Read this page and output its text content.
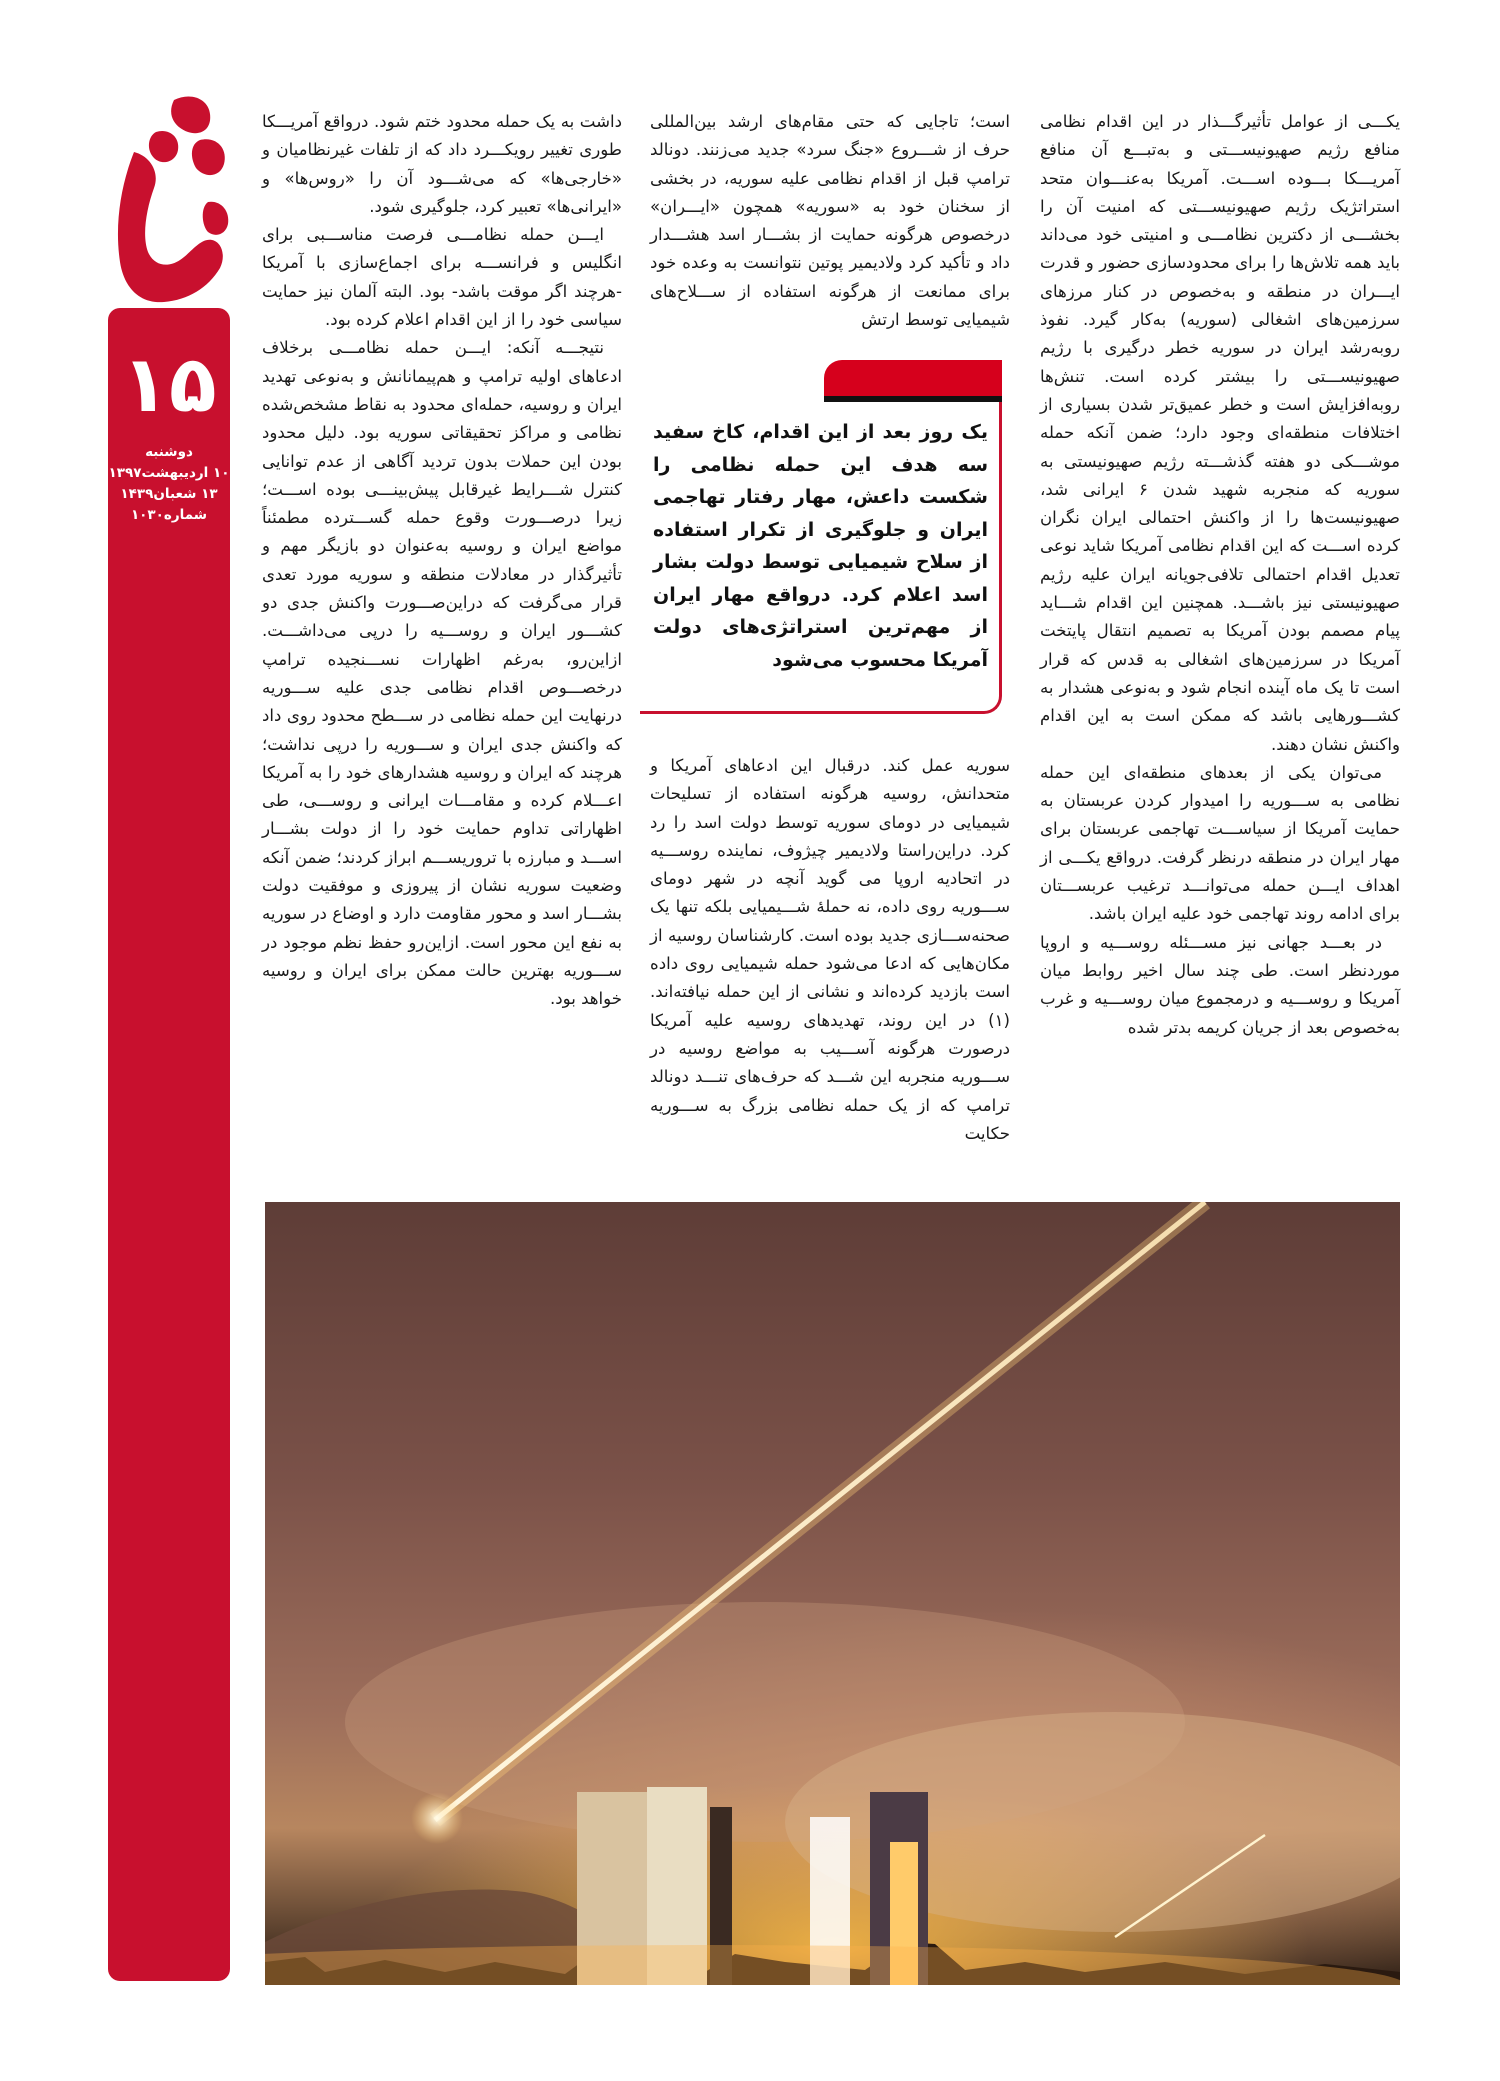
۱۵
دوشنبه
۱۰ اردیبهشت۱۳۹۷
۱۳ شعبان۱۴۳۹
شماره۱۰۳۰

یکـــی از عوامل تأثیرگـــذار در این اقدام نظامی منافع رژیم صهیونیســـتی و به‌تبـــع آن منافع آمریـــکا بـــوده اســـت. آمریکا به‌عنـــوان متحد استراتژیک رژیم صهیونیســـتی که امنیت آن را بخشـــی از دکترین نظامـــی و امنیتی خود می‌داند باید همه تلاش‌ها را برای محدودسازی حضور و قدرت ایـــران در منطقه و به‌خصوص در کنار مرزهای سرزمین‌های اشغالی (سوریه) به‌کار گیرد. نفوذ روبه‌رشد ایران در سوریه خطر درگیری با رژیم صهیونیســـتی را بیشتر کرده است. تنش‌ها روبه‌افزایش است و خطر عمیق‌تر شدن بسیاری از اختلافات منطقه‌ای وجود دارد؛ ضمن آنکه حمله موشـــکی دو هفته گذشـــته رژیم صهیونیستی به سوریه که منجربه شهید شدن ۶ ایرانی شد، صهیونیست‌ها را از واکنش احتمالی ایران نگران کرده اســـت که این اقدام نظامی آمریکا شاید نوعی تعدیل اقدام احتمالی تلافی‌جویانه ایران علیه رژیم صهیونیستی نیز باشـــد. همچنین این اقدام شـــاید پیام مصمم بودن آمریکا به تصمیم انتقال پایتخت آمریکا در سرزمین‌های اشغالی به قدس که قرار است تا یک ماه آینده انجام شود و به‌نوعی هشدار به کشـــورهایی باشد که ممکن است به این اقدام واکنش نشان دهند.

می‌توان یکی از بعدهای منطقه‌ای این حمله نظامی به ســـوریه را امیدوار کردن عربستان به حمایت آمریکا از سیاســـت تهاجمی عربستان برای مهار ایران در منطقه درنظر گرفت. درواقع یکـــی از اهداف ایـــن حمله می‌توانـــد ترغیب عربســـتان برای ادامه روند تهاجمی خود علیه ایران باشد.

در بعـــد جهانی نیز مســـئله روســـیه و اروپا موردنظر است. طی چند سال اخیر روابط میان آمریکا و روســـیه و درمجموع میان روســـیه و غرب به‌خصوص بعد از جریان کریمه بدتر شده

است؛ تاجایی که حتی مقام‌های ارشد بین‌المللی حرف از شـــروع «جنگ سرد» جدید می‌زنند. دونالد ترامپ قبل از اقدام نظامی علیه سوریه، در بخشی از سخنان خود به «سوریه» همچون «ایـــران» درخصوص هرگونه حمایت از بشـــار اسد هشـــدار داد و تأکید کرد ولادیمیر پوتین نتوانست به وعده خود برای ممانعت از هرگونه استفاده از ســـلاح‌های شیمیایی توسط ارتش

یک روز بعد از این اقدام، کاخ سفید سه هدف این حمله نظامی را شکست داعش، مهار رفتار تهاجمی ایران و جلوگیری از تکرار استفاده از سلاح شیمیایی توسط دولت بشار اسد اعلام کرد. درواقع مهار ایران از مهم‌ترین استراتژی‌های دولت آمریکا محسوب می‌شود

سوریه عمل کند. درقبال این ادعاهای آمریکا و متحدانش، روسیه هرگونه استفاده از تسلیحات شیمیایی در دومای سوریه توسط دولت اسد را رد کرد. دراین‌راستا ولادیمیر چیژوف، نماینده روســـیه در اتحادیه اروپا می گوید آنچه در شهر دومای ســـوریه روی داده، نه حملهٔ شـــیمیایی بلکه تنها یک صحنه‌ســـازی جدید بوده است. کارشناسان روسیه از مکان‌هایی که ادعا می‌شود حمله شیمیایی روی داده است بازدید کرده‌اند و نشانی از این حمله نیافته‌اند.(۱) در این روند، تهدیدهای روسیه علیه آمریکا درصورت هرگونه آســـیب به مواضع روسیه در ســـوریه منجربه این شـــد که حرف‌های تنـــد دونالد ترامپ که از یک حمله نظامی بزرگ به ســـوریه حکایت

داشت به یک حمله محدود ختم شود. درواقع آمریـــکا طوری تغییر رویکـــرد داد که از تلفات غیرنظامیان و «خارجی‌ها» که می‌شـــود آن را «روس‌ها» و «ایرانی‌ها» تعبیر کرد، جلوگیری شود.

ایـــن حمله نظامـــی فرصت مناســـبی برای انگلیس و فرانســـه برای اجماع‌سازی با آمریکا -هرچند اگر موقت باشد- بود. البته آلمان نیز حمایت سیاسی خود را از این اقدام اعلام کرده بود.

نتیجـــه آنکه: ایـــن حمله نظامـــی برخلاف ادعاهای اولیه ترامپ و هم‌پیمانانش و به‌نوعی تهدید ایران و روسیه، حمله‌ای محدود به نقاط مشخص‌شده نظامی و مراکز تحقیقاتی سوریه بود. دلیل محدود بودن این حملات بدون تردید آگاهی از عدم توانایی کنترل شـــرایط غیرقابل پیش‌بینـــی بوده اســـت؛ زیرا درصـــورت وقوع حمله گســـترده مطمئناً مواضع ایران و روسیه به‌عنوان دو بازیگر مهم و تأثیرگذار در معادلات منطقه و سوریه مورد تعدی قرار می‌گرفت که دراین‌صـــورت واکنش جدی دو کشـــور ایران و روســـیه را درپی می‌داشـــت. ازاین‌رو، به‌رغم اظهارات نســـنجیده ترامپ درخصـــوص اقدام نظامی جدی علیه ســـوریه درنهایت این حمله نظامی در ســـطح محدود روی داد که واکنش جدی ایران و ســـوریه را درپی نداشت؛ هرچند که ایران و روسیه هشدارهای خود را به آمریکا اعـــلام کرده و مقامـــات ایرانی و روســـی، طی اظهاراتی تداوم حمایت خود را از دولت بشـــار اســـد و مبارزه با تروریســـم ابراز کردند؛ ضمن آنکه وضعیت سوریه نشان از پیروزی و موفقیت دولت بشـــار اسد و محور مقاومت دارد و اوضاع در سوریه به نفع این محور است. ازاین‌رو حفظ نظم موجود در ســـوریه بهترین حالت ممکن برای ایران و روسیه خواهد بود.
